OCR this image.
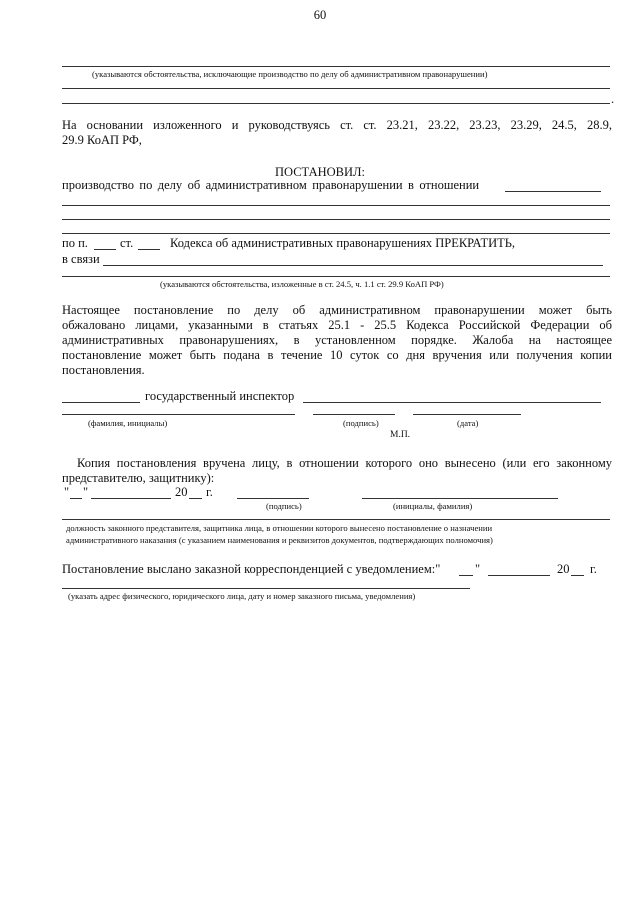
60
(указываются обстоятельства, исключающие производство по делу об административном правонарушении)
.
На основании изложенного и руководствуясь ст. ст. 23.21, 23.22, 23.23, 23.29, 24.5, 28.9,
29.9 КоАП РФ,
ПОСТАНОВИЛ:
производство по делу об административном правонарушении в отношении
по п.	ст.	Кодекса об административных правонарушениях ПРЕКРАТИТЬ,
в связи
(указываются обстоятельства, изложенные в ст. 24.5, ч. 1.1 ст. 29.9 КоАП РФ)
Настоящее постановление по делу об административном правонарушении может быть
обжаловано лицами, указанными в статьях 25.1 - 25.5 Кодекса Российской Федерации об
административных правонарушениях, в установленном порядке. Жалоба на настоящее
постановление может быть подана в течение 10 суток со дня вручения или получения копии
постановления.
государственный инспектор
(фамилия, инициалы)	(подпись)	(дата)
М.П.
Копия постановления вручена лицу, в отношении которого оно вынесено (или его законному
представителю, защитнику):
" "	20 г.
(подпись)	(инициалы, фамилия)
должность законного представителя, защитника лица, в отношении которого вынесено постановление о назначении
административного наказания (с указанием наименования и реквизитов документов, подтверждающих полномочия)
Постановление выслано заказной корреспонденцией с уведомлением:"	"	20 г.
(указать адрес физического, юридического лица, дату и номер заказного письма, уведомления)
